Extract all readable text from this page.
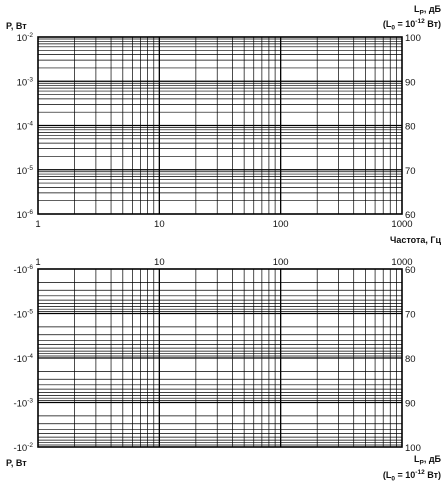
P, Вт
$L_P$, дБ
($L_0 = 10^{-12}$ Вт)
$10^{-2}$
$10^{-3}$
$10^{-4}$
$10^{-5}$
$10^{-6}$
100
90
80
70
60
1	10	100	1000
Частота, Гц
P, Вт	$L_P$, дБ
($L_0 = 10^{-12}$ Вт)
$-10^{-6}$
$-10^{-5}$
$-10^{-4}$
$-10^{-3}$
$-10^{-2}$
60
70
80
90
100
1	10	100	1000
